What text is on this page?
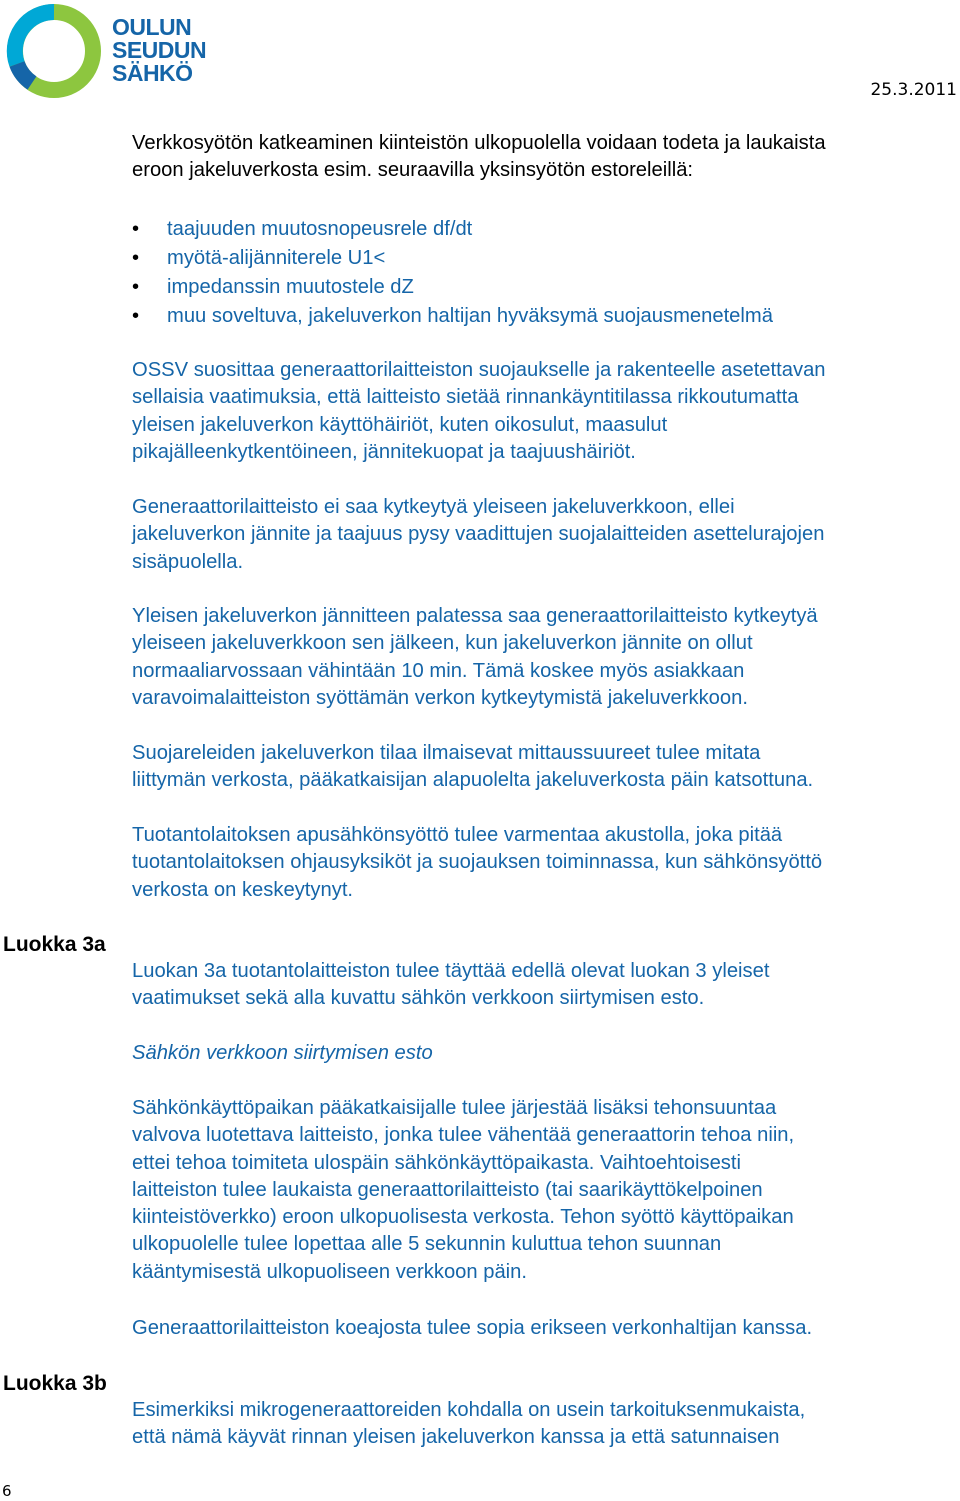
OULUN
SEUDUN
SÄHKÖ
25.3.2011
Verkkosyötön katkeaminen kiinteistön ulkopuolella voidaan todeta ja laukaista
eroon jakeluverkosta esim. seuraavilla yksinsyötön estoreleillä:
• taajuuden muutosnopeusrele df/dt
• myötä-alijänniterele U1<
• impedanssin muutostele dZ
• muu soveltuva, jakeluverkon haltijan hyväksymä suojausmenetelmä
OSSV suosittaa generaattorilaitteiston suojaukselle ja rakenteelle asetettavan
sellaisia vaatimuksia, että laitteisto sietää rinnankäyntitilassa rikkoutumatta
yleisen jakeluverkon käyttöhäiriöt, kuten oikosulut, maasulut
pikajälleenkytkentöineen, jännitekuopat ja taajuushäiriöt.
Generaattorilaitteisto ei saa kytkeytyä yleiseen jakeluverkkoon, ellei
jakeluverkon jännite ja taajuus pysy vaadittujen suojalaitteiden asettelurajojen
sisäpuolella.
Yleisen jakeluverkon jännitteen palatessa saa generaattorilaitteisto kytkeytyä
yleiseen jakeluverkkoon sen jälkeen, kun jakeluverkon jännite on ollut
normaaliarvossaan vähintään 10 min. Tämä koskee myös asiakkaan
varavoimalaitteiston syöttämän verkon kytkeytymistä jakeluverkkoon.
Suojareleiden jakeluverkon tilaa ilmaisevat mittaussuureet tulee mitata
liittymän verkosta, pääkatkaisijan alapuolelta jakeluverkosta päin katsottuna.
Tuotantolaitoksen apusähkönsyöttö tulee varmentaa akustolla, joka pitää
tuotantolaitoksen ohjausyksiköt ja suojauksen toiminnassa, kun sähkönsyöttö
verkosta on keskeytynyt.
Luokka 3a
Luokan 3a tuotantolaitteiston tulee täyttää edellä olevat luokan 3 yleiset
vaatimukset sekä alla kuvattu sähkön verkkoon siirtymisen esto.
Sähkön verkkoon siirtymisen esto
Sähkönkäyttöpaikan pääkatkaisijalle tulee järjestää lisäksi tehonsuuntaa
valvova luotettava laitteisto, jonka tulee vähentää generaattorin tehoa niin,
ettei tehoa toimiteta ulospäin sähkönkäyttöpaikasta. Vaihtoehtoisesti
laitteiston tulee laukaista generaattorilaitteisto (tai saarikäyttökelpoinen
kiinteistöverkko) eroon ulkopuolisesta verkosta. Tehon syöttö käyttöpaikan
ulkopuolelle tulee lopettaa alle 5 sekunnin kuluttua tehon suunnan
kääntymisestä ulkopuoliseen verkkoon päin.
Generaattorilaitteiston koeajosta tulee sopia erikseen verkonhaltijan kanssa.
Luokka 3b
Esimerkiksi mikrogeneraattoreiden kohdalla on usein tarkoituksenmukaista,
että nämä käyvät rinnan yleisen jakeluverkon kanssa ja että satunnaisen
6
